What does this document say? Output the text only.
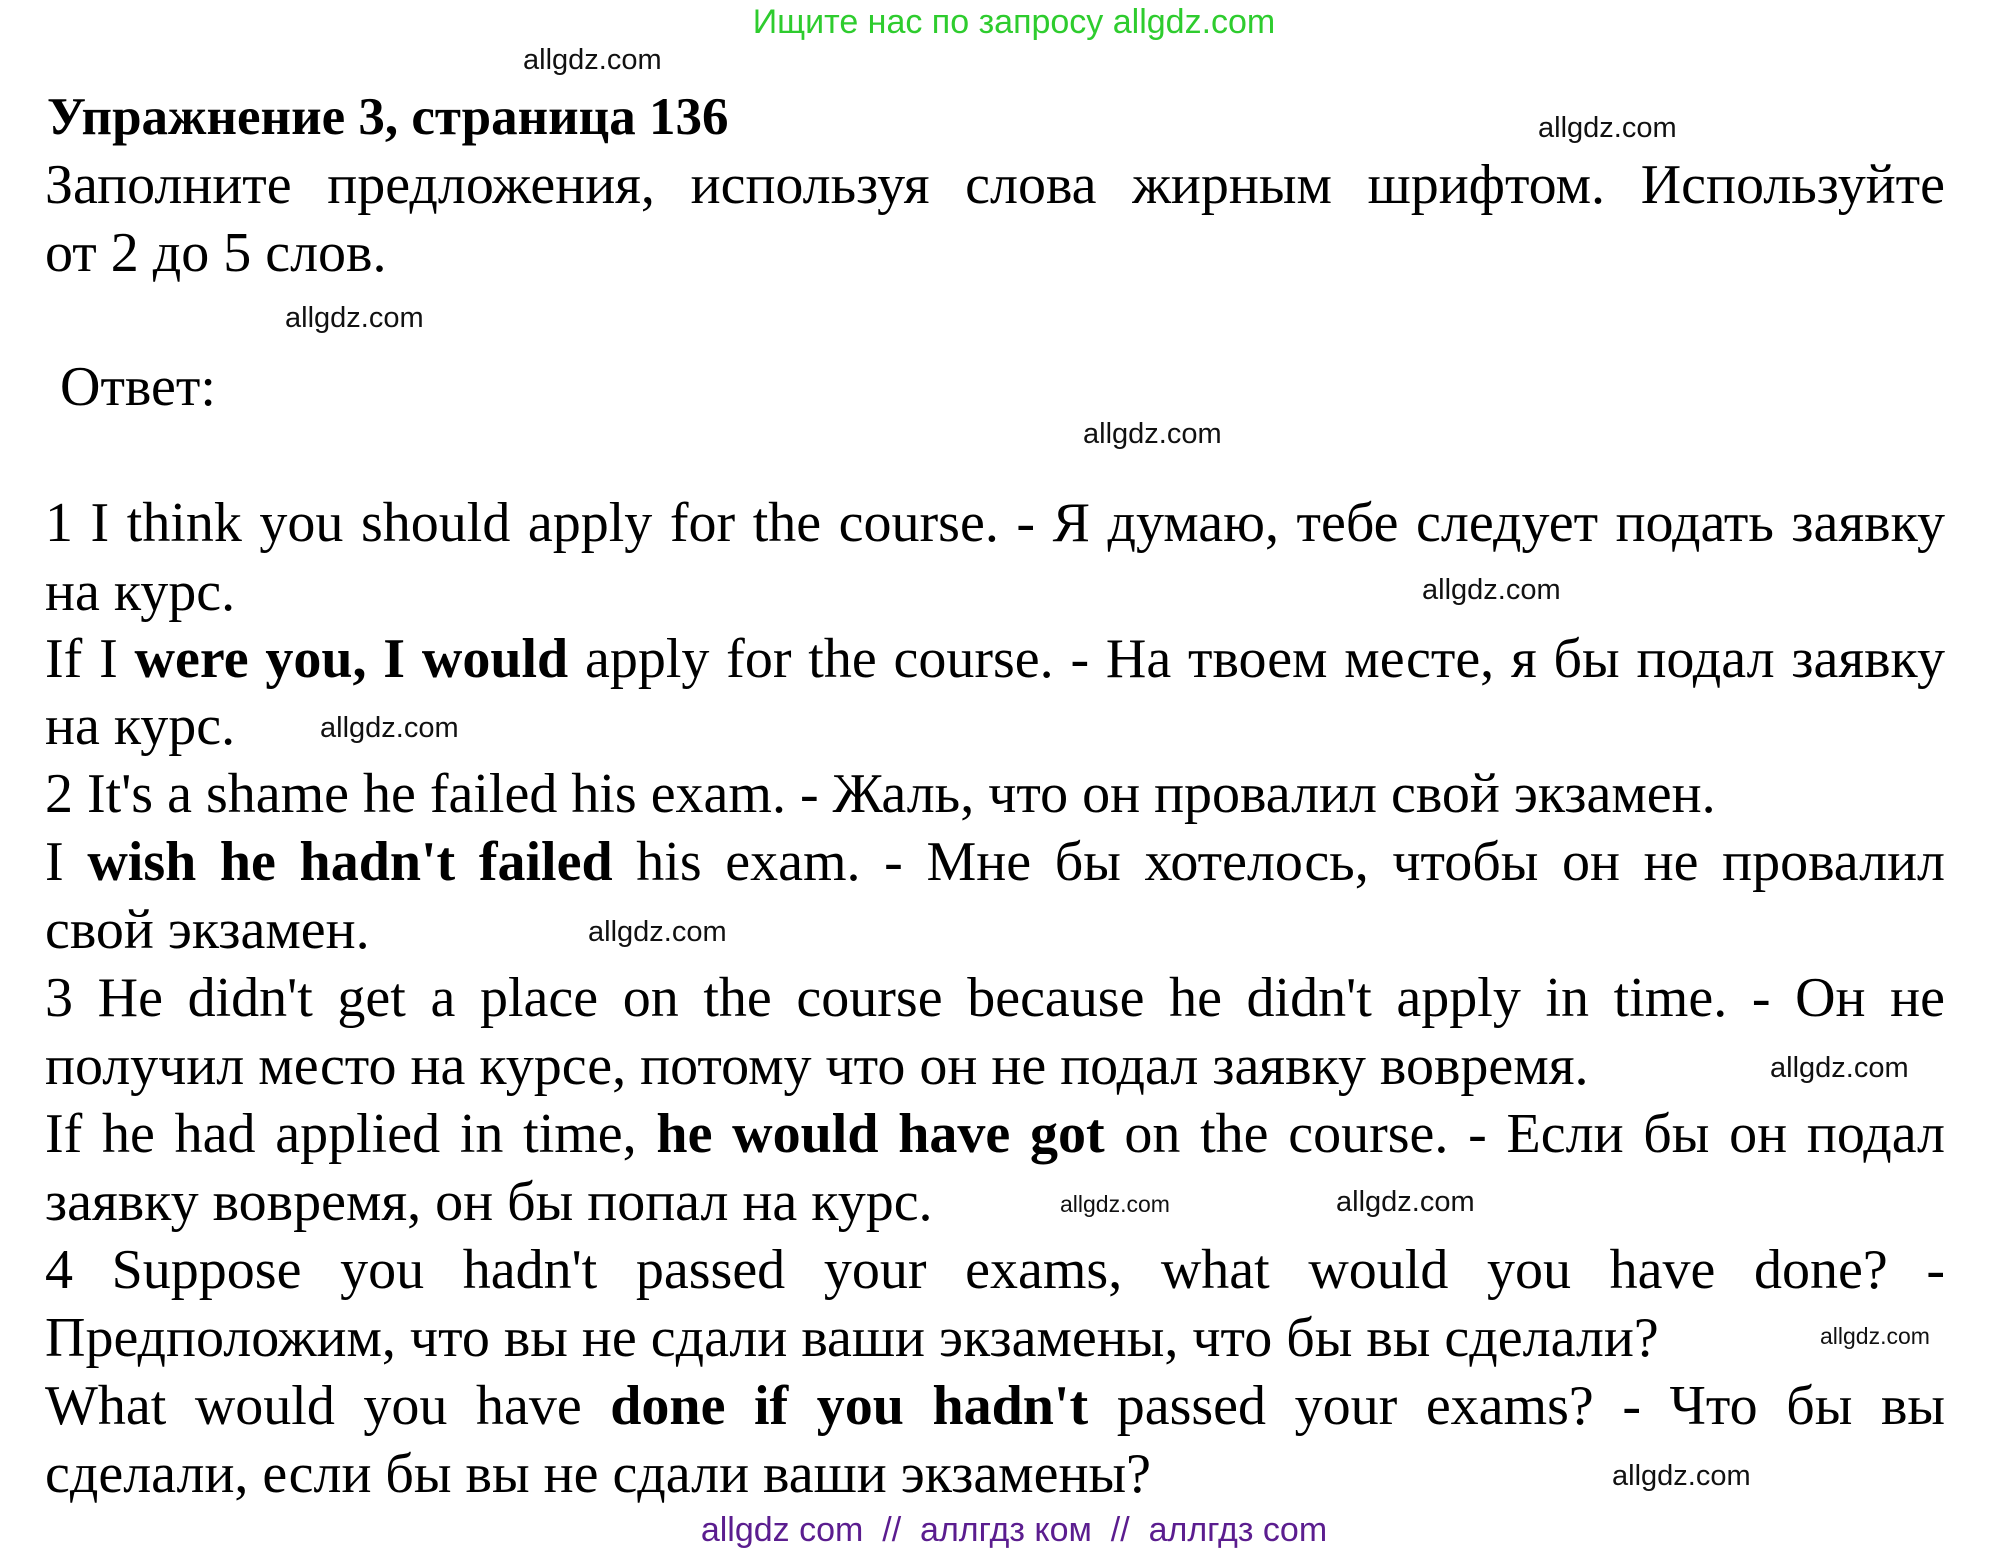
Ищите нас по запросу allgdz.com
Упражнение 3, страница 136
Заполните предложения, используя слова жирным шрифтом. Используйте
от 2 до 5 слов.
Ответ:
1 I think you should apply for the course. - Я думаю, тебе следует подать заявку
на курс.
If I were you, I would apply for the course. - На твоем месте, я бы подал заявку
на курс.
2 It's a shame he failed his exam. - Жаль, что он провалил свой экзамен.
I wish he hadn't failed his exam. - Мне бы хотелось, чтобы он не провалил
свой экзамен.
3 He didn't get a place on the course because he didn't apply in time. - Он не
получил место на курсе, потому что он не подал заявку вовремя.
If he had applied in time, he would have got on the course. - Если бы он подал
заявку вовремя, он бы попал на курс.
4 Suppose you hadn't passed your exams, what would you have done? -
Предположим, что вы не сдали ваши экзамены, что бы вы сделали?
What would you have done if you hadn't passed your exams? - Что бы вы
сделали, если бы вы не сдали ваши экзамены?
allgdz.com
allgdz.com
allgdz.com
allgdz.com
allgdz.com
allgdz.com
allgdz.com
allgdz.com
allgdz.com
allgdz.com
allgdz.com
allgdz.com
allgdz com  //  аллгдз ком  //  аллгдз com
